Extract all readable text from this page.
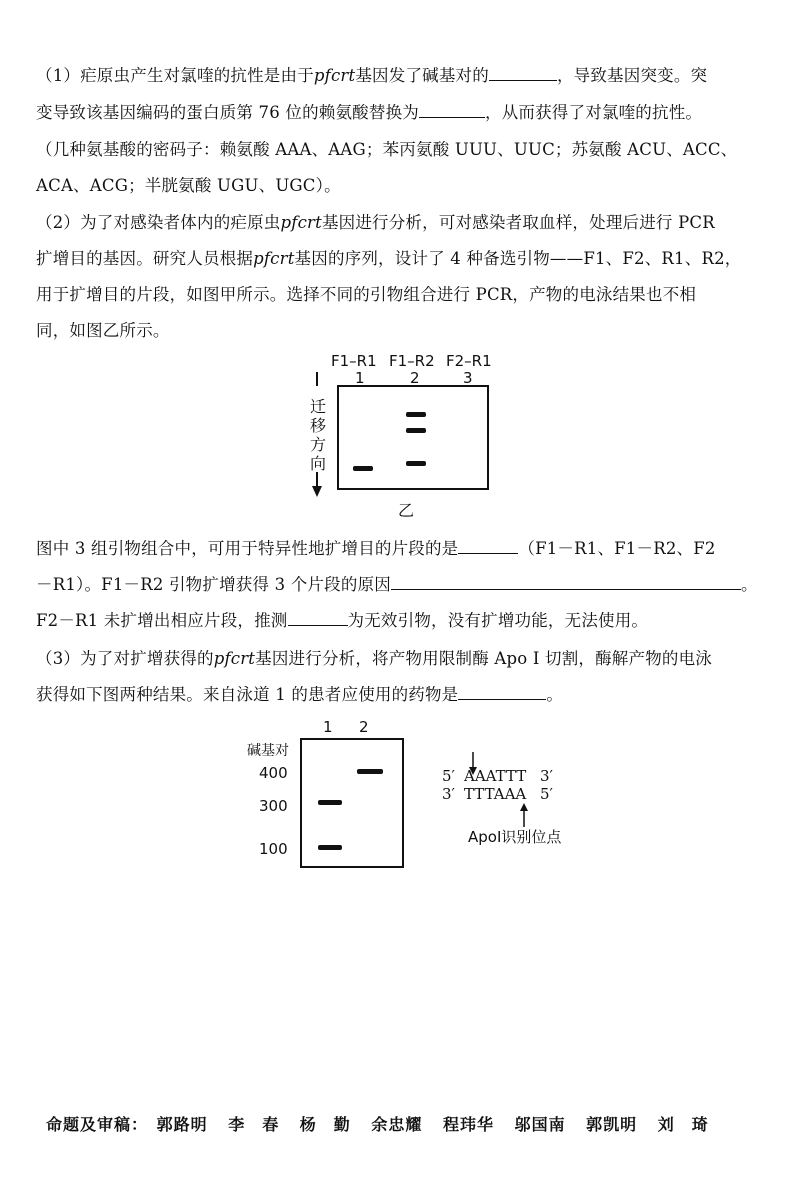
（1）疟原虫产生对氯喹的抗性是由于pfcrt基因发了碱基对的	，导致基因突变。突
变导致该基因编码的蛋白质第 76 位的赖氨酸替换为	，从而获得了对氯喹的抗性。
（几种氨基酸的密码子：赖氨酸 AAA、AAG；苯丙氨酸 UUU、UUC；苏氨酸 ACU、ACC、
ACA、ACG；半胱氨酸 UGU、UGC）。
（2）为了对感染者体内的疟原虫pfcrt基因进行分析，可对感染者取血样，处理后进行 PCR
扩增目的基因。研究人员根据pfcrt基因的序列，设计了 4 种备选引物——F1、F2、R1、R2，
用于扩增目的片段，如图甲所示。选择不同的引物组合进行 PCR，产物的电泳结果也不相
同，如图乙所示。
F1–R1 F1–R2 F2–R1
1	2	3
迁
移
方
向
乙
图中 3 组引物组合中，可用于特异性地扩增目的片段的是	（F1－R1、F1－R2、F2
－R1）。F1－R2 引物扩增获得 3 个片段的原因	。
F2－R1 未扩增出相应片段，推测	为无效引物，没有扩增功能，无法使用。
（3）为了对扩增获得的pfcrt基因进行分析，将产物用限制酶 Apo I 切割，酶解产物的电泳
获得如下图两种结果。来自泳道 1 的患者应使用的药物是	。
1 2
碱基对
400
300
100
5′ AAATTT 3′
3′ TTTAAA 5′
ApoI识别位点
命题及审稿： 郭路明 李　春 杨　勤 余忠耀 程玮华 邬国南 郭凯明 刘　琦
